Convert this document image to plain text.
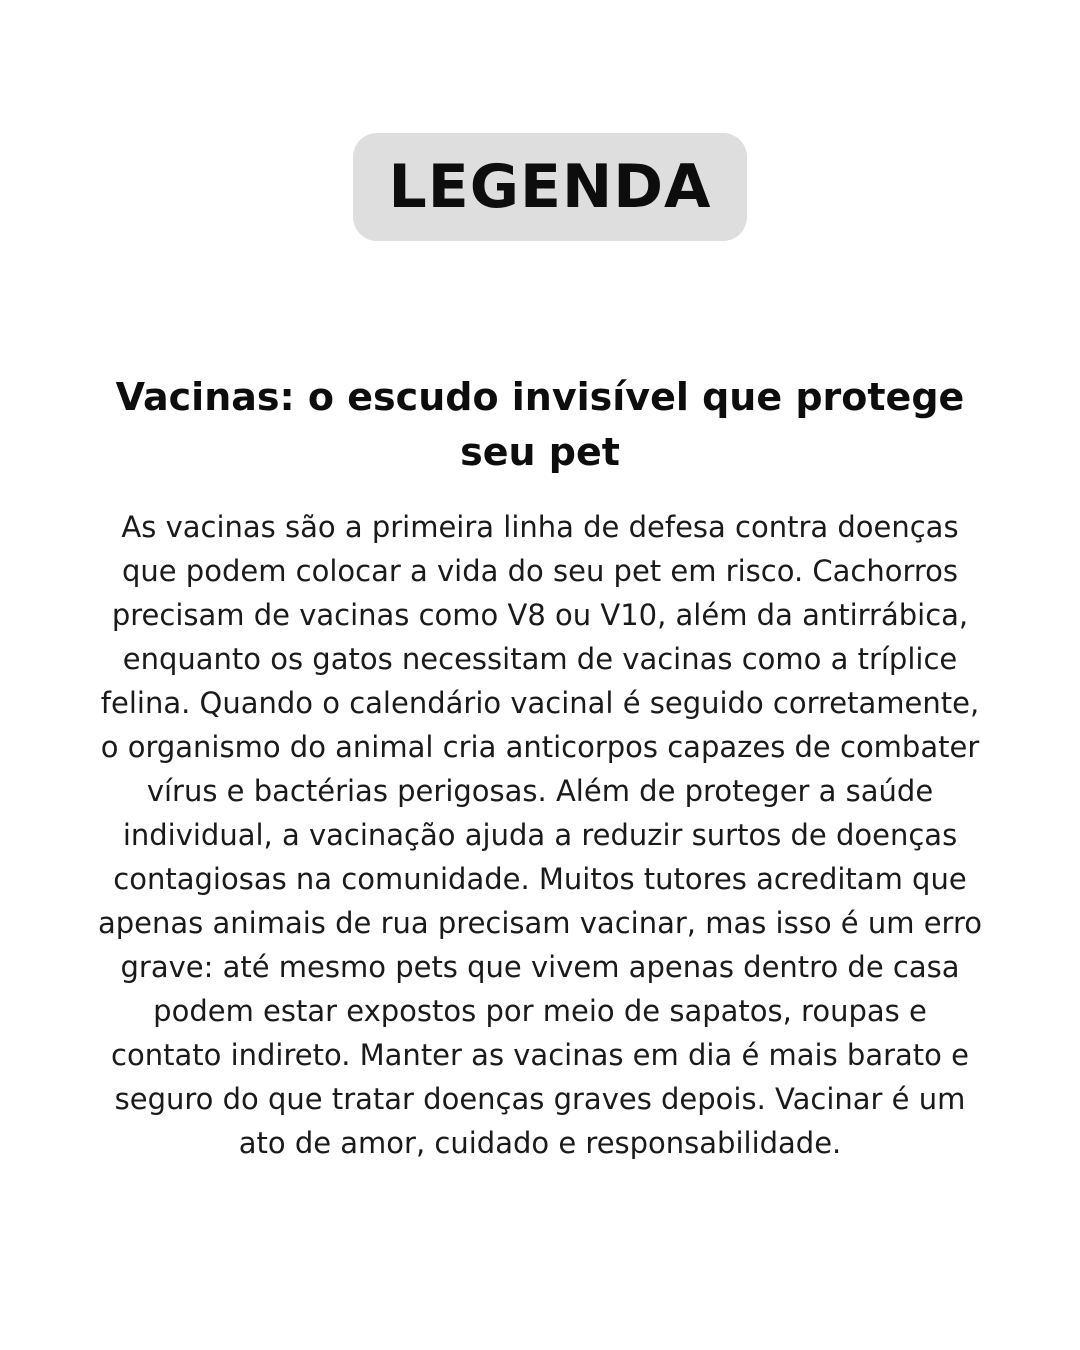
LEGENDA
Vacinas: o escudo invisível que protege seu pet

As vacinas são a primeira linha de defesa contra doenças que podem colocar a vida do seu pet em risco. Cachorros precisam de vacinas como V8 ou V10, além da antirrábica, enquanto os gatos necessitam de vacinas como a tríplice felina. Quando o calendário vacinal é seguido corretamente, o organismo do animal cria anticorpos capazes de combater vírus e bactérias perigosas. Além de proteger a saúde individual, a vacinação ajuda a reduzir surtos de doenças contagiosas na comunidade. Muitos tutores acreditam que apenas animais de rua precisam vacinar, mas isso é um erro grave: até mesmo pets que vivem apenas dentro de casa podem estar expostos por meio de sapatos, roupas e contato indireto. Manter as vacinas em dia é mais barato e seguro do que tratar doenças graves depois. Vacinar é um ato de amor, cuidado e responsabilidade.
